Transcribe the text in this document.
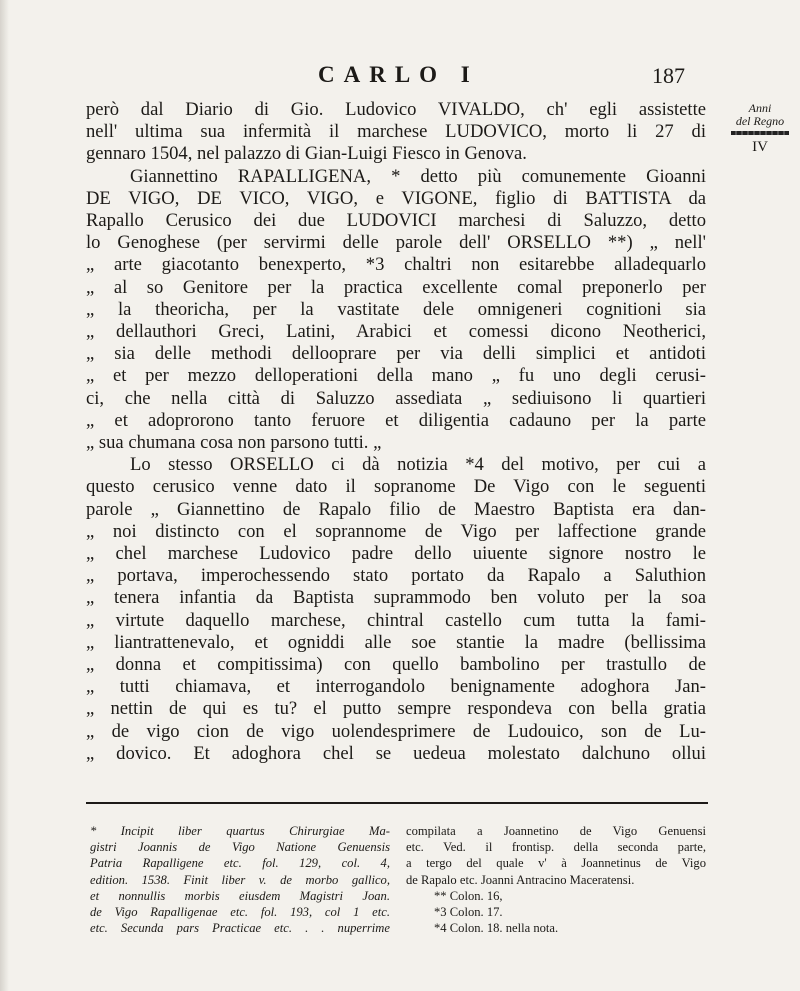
CARLO I	187
Anni
del Regno
IV
però dal Diario di Gio. Ludovico VIVALDO, ch' egli assistette
nell' ultima sua infermità il marchese LUDOVICO, morto li 27 di
gennaro 1504, nel palazzo di Gian-Luigi Fiesco in Genova.
Giannettino RAPALLIGENA, * detto più comunemente Gioanni
DE VIGO, DE VICO, VIGO, e VIGONE, figlio di BATTISTA da
Rapallo Cerusico dei due LUDOVICI marchesi di Saluzzo, detto
lo Genoghese (per servirmi delle parole dell' ORSELLO **) „ nell'
„ arte giacotanto benexperto, *3 chaltri non esitarebbe alladequarlo
„ al so Genitore per la practica excellente comal preponerlo per
„ la theoricha, per la vastitate dele omnigeneri cognitioni sia
„ dellauthori Greci, Latini, Arabici et comessi dicono Neotherici,
„ sia delle methodi dellooprare per via delli simplici et antidoti
„ et per mezzo delloperationi della mano „ fu uno degli cerusi-
ci, che nella città di Saluzzo assediata „ sediuisono li quartieri
„ et adoprorono tanto feruore et diligentia cadauno per la parte
„ sua chumana cosa non parsono tutti. „
Lo stesso ORSELLO ci dà notizia *4 del motivo, per cui a
questo cerusico venne dato il sopranome De Vigo con le seguenti
parole „ Giannettino de Rapalo filio de Maestro Baptista era dan-
„ noi distincto con el soprannome de Vigo per laffectione grande
„ chel marchese Ludovico padre dello uiuente signore nostro le
„ portava, imperochessendo stato portato da Rapalo a Saluthion
„ tenera infantia da Baptista suprammodo ben voluto per la soa
„ virtute daquello marchese, chintral castello cum tutta la fami-
„ liantrattenevalo, et ogniddi alle soe stantie la madre (bellissima
„ donna et compitissima) con quello bambolino per trastullo de
„ tutti chiamava, et interrogandolo benignamente adoghora Jan-
„ nettin de qui es tu? el putto sempre respondeva con bella gratia
„ de vigo cion de vigo uolendesprimere de Ludouico, son de Lu-
„ dovico. Et adoghora chel se uedeua molestato dalchuno ollui
* Incipit liber quartus Chirurgiae Ma-
gistri Joannis de Vigo Natione Genuensis
Patria Rapalligene etc. fol. 129, col. 4,
edition. 1538. Finit liber v. de morbo gallico,
et nonnullis morbis eiusdem Magistri Joan.
de Vigo Rapalligenae etc. fol. 193, col 1 etc.
etc. Secunda pars Practicae etc. . . nuperrime
compilata a Joannetino de Vigo Genuensi
etc. Ved. il frontisp. della seconda parte,
a tergo del quale v' à Joannetinus de Vigo
de Rapalo etc. Joanni Antracino Maceratensi.
** Colon. 16,
*3 Colon. 17.
*4 Colon. 18. nella nota.
